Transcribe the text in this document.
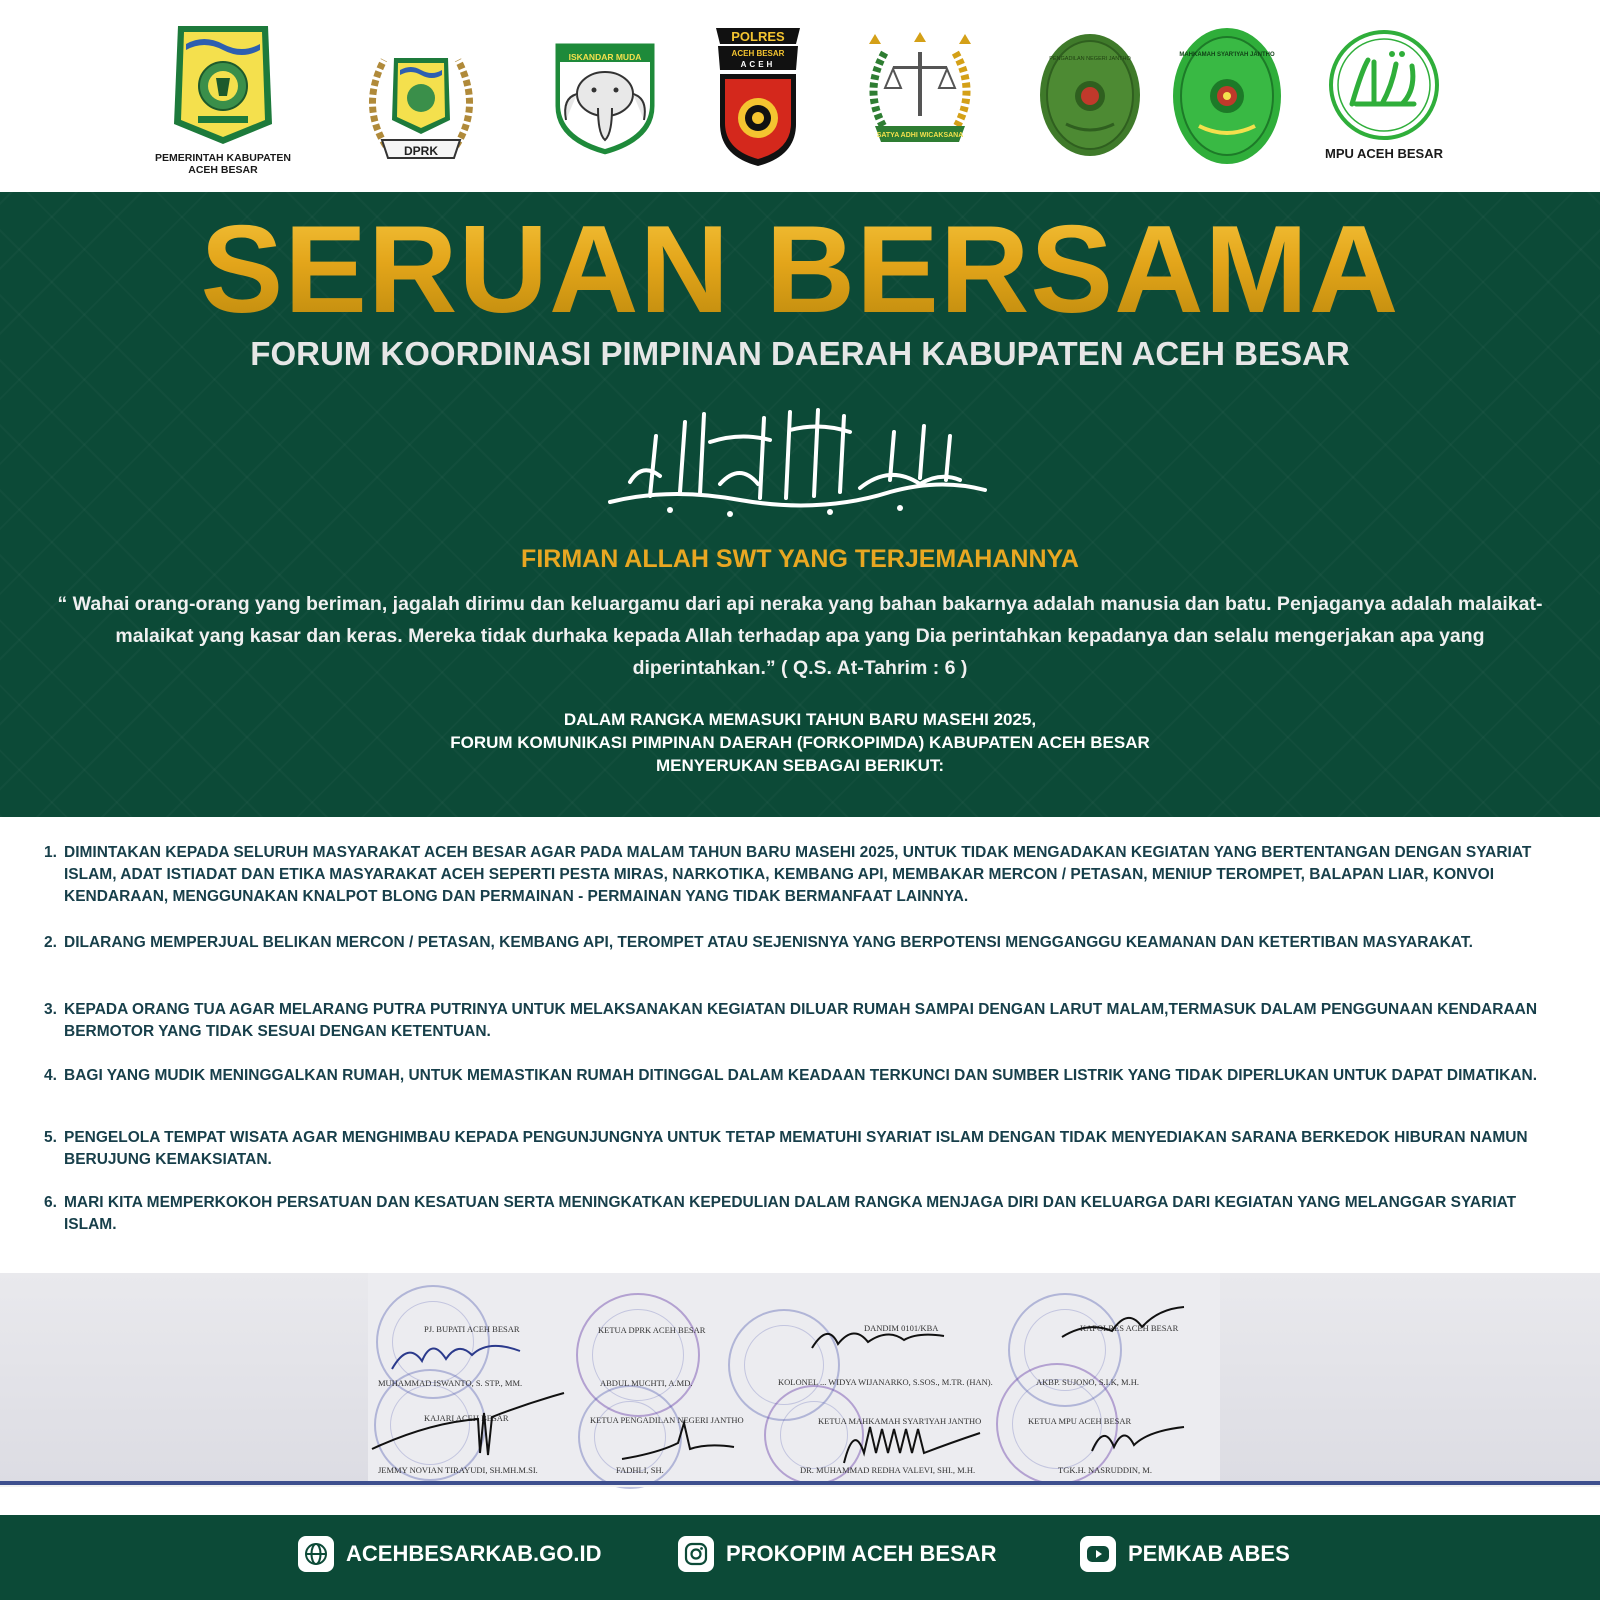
PEMERINTAH KABUPATEN
ACEH BESAR
DPRK
ISKANDAR MUDA
POLRES
ACEH BESAR
ACEH
SATYA ADHI WICAKSANA
PENGADILAN NEGERI JANTHO
MAHKAMAH SYAR'IYAH JANTHO
MPU ACEH BESAR
SERUAN BERSAMA
FORUM KOORDINASI PIMPINAN DAERAH KABUPATEN ACEH BESAR
FIRMAN ALLAH SWT YANG TERJEMAHANNYA
“ Wahai orang-orang yang beriman, jagalah dirimu dan keluargamu dari api neraka yang bahan bakarnya adalah manusia dan batu. Penjaganya adalah malaikat-malaikat yang kasar dan keras. Mereka tidak durhaka kepada Allah terhadap apa yang Dia perintahkan kepadanya dan selalu mengerjakan apa yang diperintahkan.” ( Q.S. At-Tahrim : 6 )
DALAM RANGKA MEMASUKI TAHUN BARU MASEHI 2025,
FORUM KOMUNIKASI PIMPINAN DAERAH (FORKOPIMDA) KABUPATEN ACEH BESAR
MENYERUKAN SEBAGAI BERIKUT:
1. DIMINTAKAN KEPADA SELURUH MASYARAKAT ACEH BESAR AGAR PADA MALAM TAHUN BARU MASEHI 2025, UNTUK TIDAK MENGADAKAN KEGIATAN YANG BERTENTANGAN DENGAN SYARIAT ISLAM, ADAT ISTIADAT DAN ETIKA MASYARAKAT ACEH SEPERTI PESTA MIRAS, NARKOTIKA, KEMBANG API, MEMBAKAR MERCON / PETASAN, MENIUP TEROMPET, BALAPAN LIAR, KONVOI KENDARAAN, MENGGUNAKAN KNALPOT BLONG DAN PERMAINAN - PERMAINAN YANG TIDAK BERMANFAAT LAINNYA.
2. DILARANG MEMPERJUAL BELIKAN MERCON / PETASAN, KEMBANG API, TEROMPET ATAU SEJENISNYA YANG BERPOTENSI MENGGANGGU KEAMANAN DAN KETERTIBAN MASYARAKAT.
3. KEPADA ORANG TUA AGAR MELARANG PUTRA PUTRINYA UNTUK MELAKSANAKAN KEGIATAN DILUAR RUMAH SAMPAI DENGAN LARUT MALAM,TERMASUK DALAM PENGGUNAAN KENDARAAN BERMOTOR YANG TIDAK SESUAI DENGAN KETENTUAN.
4. BAGI YANG MUDIK MENINGGALKAN RUMAH, UNTUK MEMASTIKAN RUMAH DITINGGAL DALAM KEADAAN TERKUNCI DAN SUMBER LISTRIK YANG TIDAK DIPERLUKAN UNTUK DAPAT DIMATIKAN.
5. PENGELOLA TEMPAT WISATA AGAR MENGHIMBAU KEPADA PENGUNJUNGNYA UNTUK TETAP MEMATUHI SYARIAT ISLAM DENGAN TIDAK MENYEDIAKAN SARANA BERKEDOK HIBURAN NAMUN BERUJUNG KEMAKSIATAN.
6. MARI KITA MEMPERKOKOH PERSATUAN DAN KESATUAN SERTA MENINGKATKAN KEPEDULIAN DALAM RANGKA MENJAGA DIRI DAN KELUARGA DARI KEGIATAN YANG MELANGGAR SYARIAT ISLAM.
PJ. BUPATI ACEH BESAR
MUHAMMAD ISWANTO, S. STP., MM.
KETUA DPRK ACEH BESAR
ABDUL MUCHTI, A.MD.
DANDIM 0101/KBA
KOLONEL ... WIDYA WIJANARKO, S.SOS., M.TR. (HAN).
KAPOLRES ACEH BESAR
AKBP. SUJONO, S.I.K, M.H.
KAJARI ACEH BESAR
JEMMY NOVIAN TIRAYUDI, SH.MH.M.SI.
KETUA PENGADILAN NEGERI JANTHO
FADHLI, SH.
KETUA MAHKAMAH SYAR'IYAH JANTHO
DR. MUHAMMAD REDHA VALEVI, SHI., M.H.
KETUA MPU ACEH BESAR
TGK.H. NASRUDDIN, M.
ACEHBESARKAB.GO.ID	PROKOPIM ACEH BESAR	PEMKAB ABES
